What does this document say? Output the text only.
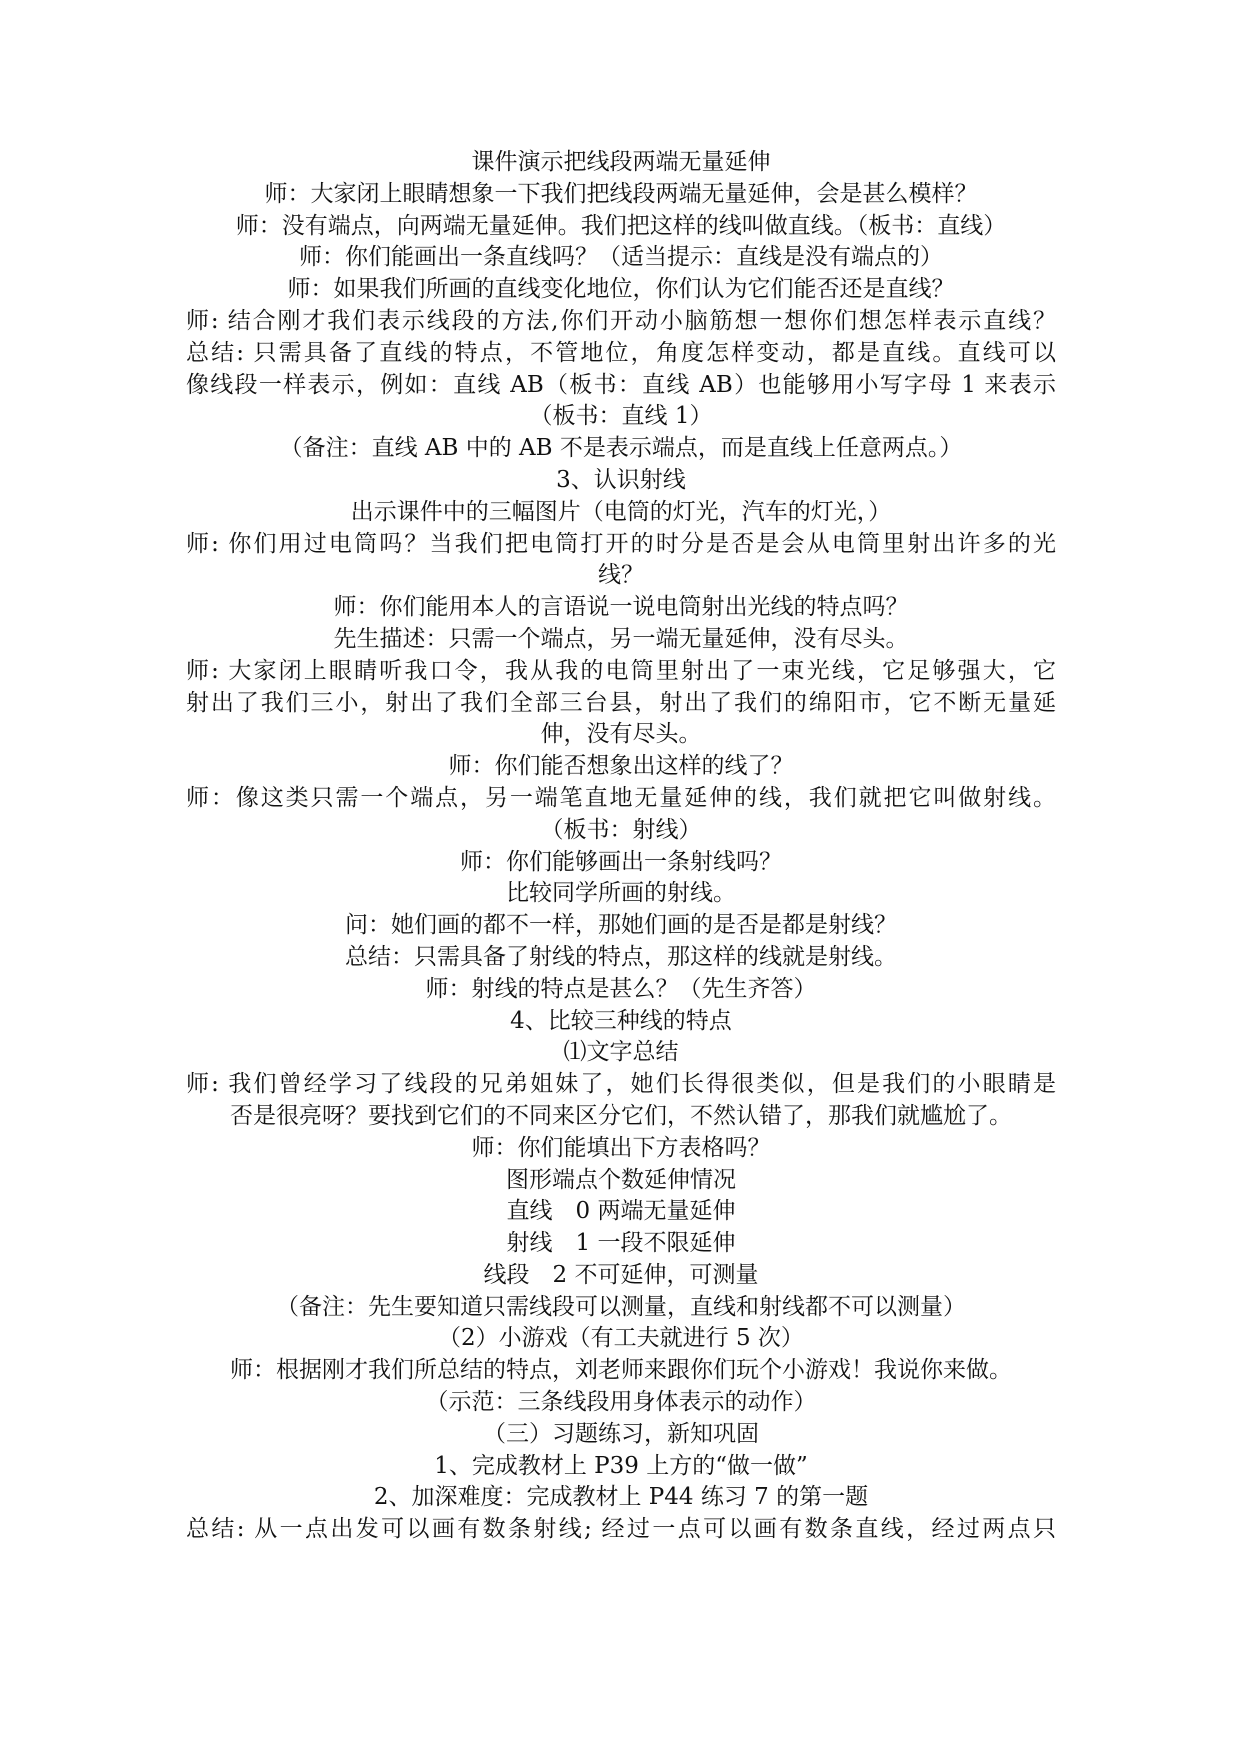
课件演示把线段两端无量延伸
师：大家闭上眼睛想象一下我们把线段两端无量延伸，会是甚么模样？
师：没有端点，向两端无量延伸。我们把这样的线叫做直线。（板书：直线）
师：你们能画出一条直线吗？（适当提示：直线是没有端点的）
师：如果我们所画的直线变化地位，你们认为它们能否还是直线？
师: 结合刚才我们表示线段的方法,你们开动小脑筋想一想你们想怎样表示直线？
总结: 只需具备了直线的特点，不管地位，角度怎样变动，都是直线。直线可以
像线段一样表示，例如：直线 AB（板书：直线 AB）也能够用小写字母 1 来表示
（板书：直线 1）
（备注：直线 AB 中的 AB 不是表示端点，而是直线上任意两点。）
3、认识射线
出示课件中的三幅图片（电筒的灯光，汽车的灯光，）
师: 你们用过电筒吗？当我们把电筒打开的时分是否是会从电筒里射出许多的光
线？
师：你们能用本人的言语说一说电筒射出光线的特点吗？
先生描述：只需一个端点，另一端无量延伸，没有尽头。
师: 大家闭上眼睛听我口令，我从我的电筒里射出了一束光线，它足够强大，它
射出了我们三小，射出了我们全部三台县，射出了我们的绵阳市，它不断无量延
伸，没有尽头。
师：你们能否想象出这样的线了？
师：像这类只需一个端点，另一端笔直地无量延伸的线，我们就把它叫做射线。
（板书：射线）
师：你们能够画出一条射线吗？
比较同学所画的射线。
问：她们画的都不一样，那她们画的是否是都是射线？
总结：只需具备了射线的特点，那这样的线就是射线。
师：射线的特点是甚么？（先生齐答）
4、比较三种线的特点
⑴文字总结
师: 我们曾经学习了线段的兄弟姐妹了，她们长得很类似，但是我们的小眼睛是
否是很亮呀？要找到它们的不同来区分它们，不然认错了，那我们就尴尬了。
师：你们能填出下方表格吗？
图形端点个数延伸情况
直线　0 两端无量延伸
射线　1 一段不限延伸
线段　2 不可延伸，可测量
（备注：先生要知道只需线段可以测量，直线和射线都不可以测量）
（2）小游戏（有工夫就进行 5 次）
师：根据刚才我们所总结的特点，刘老师来跟你们玩个小游戏！我说你来做。
（示范：三条线段用身体表示的动作）
（三）习题练习，新知巩固
1、完成教材上 P39 上方的“做一做”
2、加深难度：完成教材上 P44 练习 7 的第一题
总结: 从一点出发可以画有数条射线; 经过一点可以画有数条直线，经过两点只
